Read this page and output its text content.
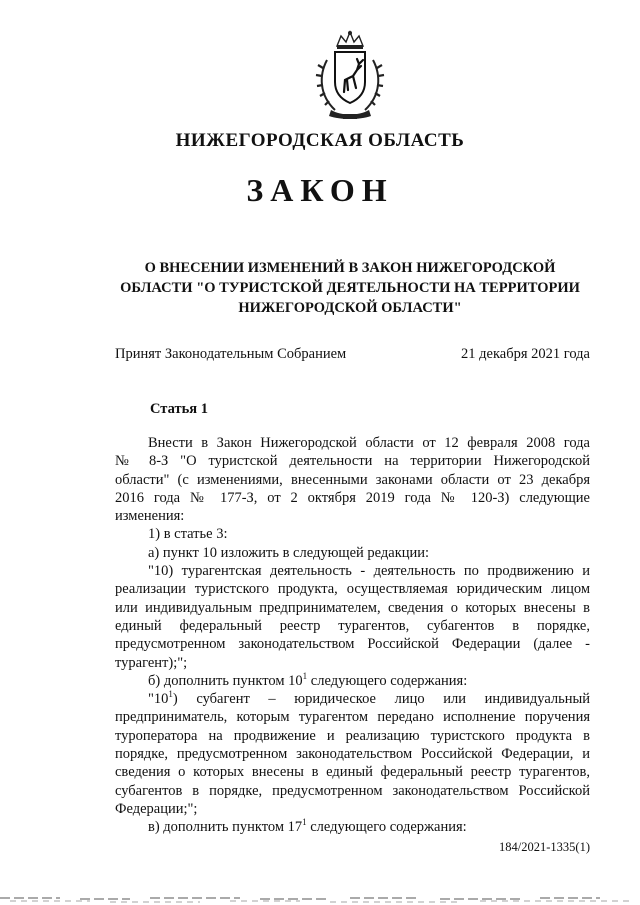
НИЖЕГОРОДСКАЯ ОБЛАСТЬ
ЗАКОН
О ВНЕСЕНИИ ИЗМЕНЕНИЙ В ЗАКОН НИЖЕГОРОДСКОЙ
ОБЛАСТИ "О ТУРИСТСКОЙ ДЕЯТЕЛЬНОСТИ НА ТЕРРИТОРИИ
НИЖЕГОРОДСКОЙ ОБЛАСТИ"
Принят Законодательным Собранием	21 декабря 2021 года
Статья 1

Внести в Закон Нижегородской области от 12 февраля 2008 года

№ 8-З "О туристской деятельности на территории Нижегородской

области" (с изменениями, внесенными законами области от 23 декабря

2016 года № 177-З, от 2 октября 2019 года № 120-З) следующие

изменения:

1) в статье 3:

а) пункт 10 изложить в следующей редакции:

"10) турагентская деятельность - деятельность по продвижению и

реализации туристского продукта, осуществляемая юридическим лицом

или индивидуальным предпринимателем, сведения о которых внесены в

единый федеральный реестр турагентов, субагентов в порядке,

предусмотренном законодательством Российской Федерации (далее -

турагент);";

б) дополнить пунктом $10^1$ следующего содержания:

"$10^1$) субагент – юридическое лицо или индивидуальный

предприниматель, которым турагентом передано исполнение поручения

туроператора на продвижение и реализацию туристского продукта в

порядке, предусмотренном законодательством Российской Федерации, и

сведения о которых внесены в единый федеральный реестр турагентов,

субагентов в порядке, предусмотренном законодательством Российской

Федерации;";

в) дополнить пунктом $17^1$ следующего содержания:

184/2021-1335(1)
